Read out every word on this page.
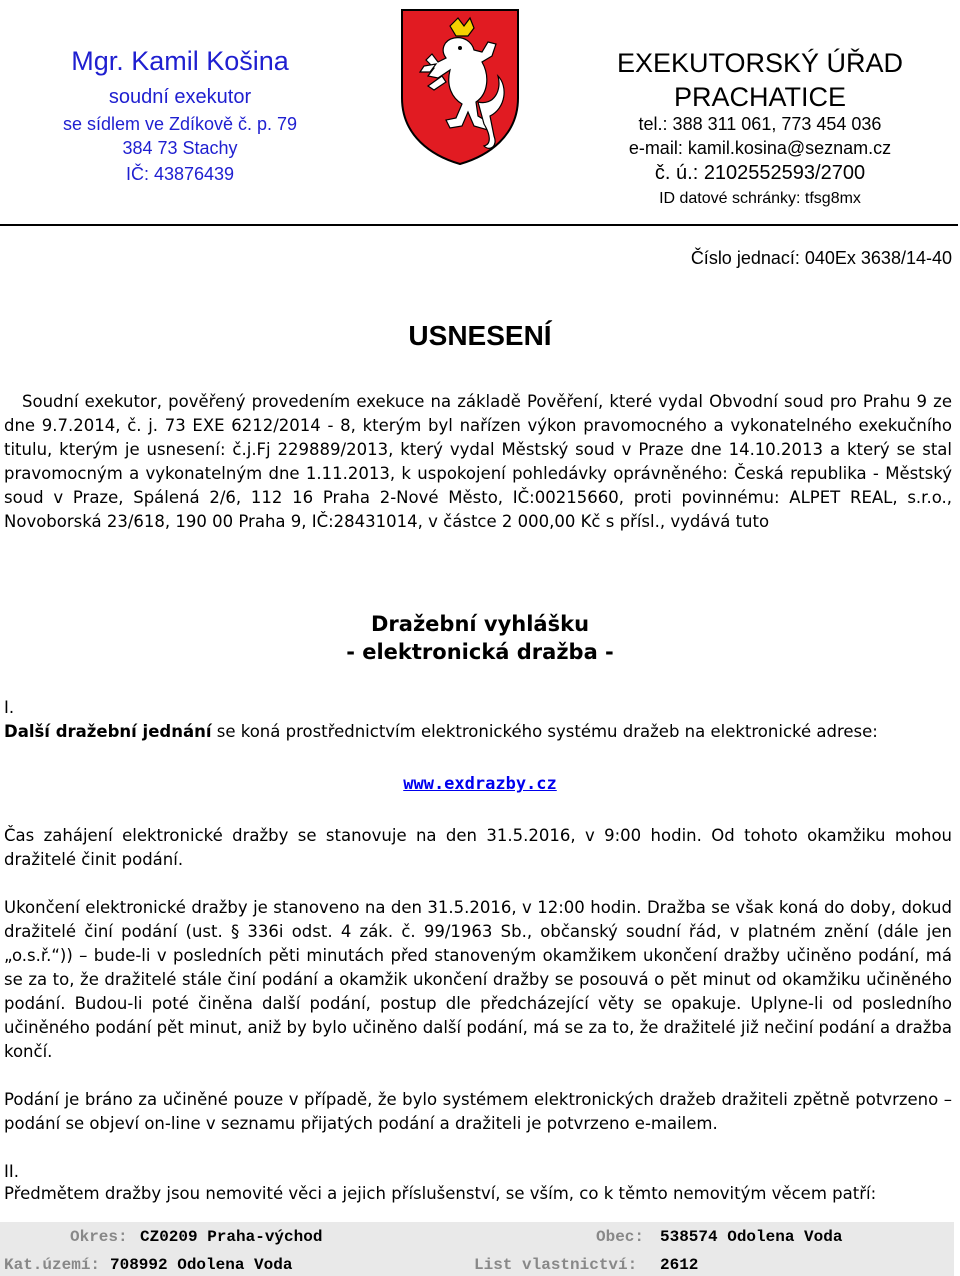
Mgr. Kamil Košina
soudní exekutor
se sídlem ve Zdíkově č. p. 79
384 73 Stachy
IČ: 43876439
EXEKUTORSKÝ ÚŘAD
PRACHATICE
tel.: 388 311 061, 773 454 036
e-mail: kamil.kosina@seznam.cz
č. ú.: 2102552593/2700
ID datové schránky: tfsg8mx
Číslo jednací: 040Ex 3638/14-40
USNESENÍ
Soudní exekutor, pověřený provedením exekuce na základě Pověření, které vydal Obvodní soud pro Prahu 9 ze dne 9.7.2014, č. j. 73 EXE 6212/2014 - 8, kterým byl nařízen výkon pravomocného a vykonatelného exekučního titulu, kterým je usnesení: č.j.Fj 229889/2013, který vydal Městský soud v Praze dne 14.10.2013 a který se stal pravomocným a vykonatelným dne 1.11.2013, k uspokojení pohledávky oprávněného: Česká republika - Městský soud v Praze, Spálená 2/6, 112 16 Praha 2-Nové Město, IČ:00215660, proti povinnému: ALPET REAL, s.r.o., Novoborská 23/618, 190 00 Praha 9, IČ:28431014, v částce 2 000,00 Kč s přísl., vydává tuto
Dražební vyhlášku
- elektronická dražba -
I.
Další dražební jednání se koná prostřednictvím elektronického systému dražeb na elektronické adrese:
www.exdrazby.cz
Čas zahájení elektronické dražby se stanovuje na den 31.5.2016, v 9:00 hodin. Od tohoto okamžiku mohou dražitelé činit podání.
Ukončení elektronické dražby je stanoveno na den 31.5.2016, v 12:00 hodin. Dražba se však koná do doby, dokud dražitelé činí podání (ust. § 336i odst. 4 zák. č. 99/1963 Sb., občanský soudní řád, v platném znění (dále jen „o.s.ř.“)) – bude-li v posledních pěti minutách před stanoveným okamžikem ukončení dražby učiněno podání, má se za to, že dražitelé stále činí podání a okamžik ukončení dražby se posouvá o pět minut od okamžiku učiněného podání. Budou-li poté činěna další podání, postup dle předcházející věty se opakuje. Uplyne-li od posledního učiněného podání pět minut, aniž by bylo učiněno další podání, má se za to, že dražitelé již nečiní podání a dražba končí.
Podání je bráno za učiněné pouze v případě, že bylo systémem elektronických dražeb dražiteli zpětně potvrzeno – podání se objeví on-line v seznamu přijatých podání a dražiteli je potvrzeno e-mailem.
II.
Předmětem dražby jsou nemovité věci a jejich příslušenství, se vším, co k těmto nemovitým věcem patří:
Okres: CZ0209 Praha-východ	Obec: 538574 Odolena Voda
Kat.území: 708992 Odolena Voda	List vlastnictví: 2612
